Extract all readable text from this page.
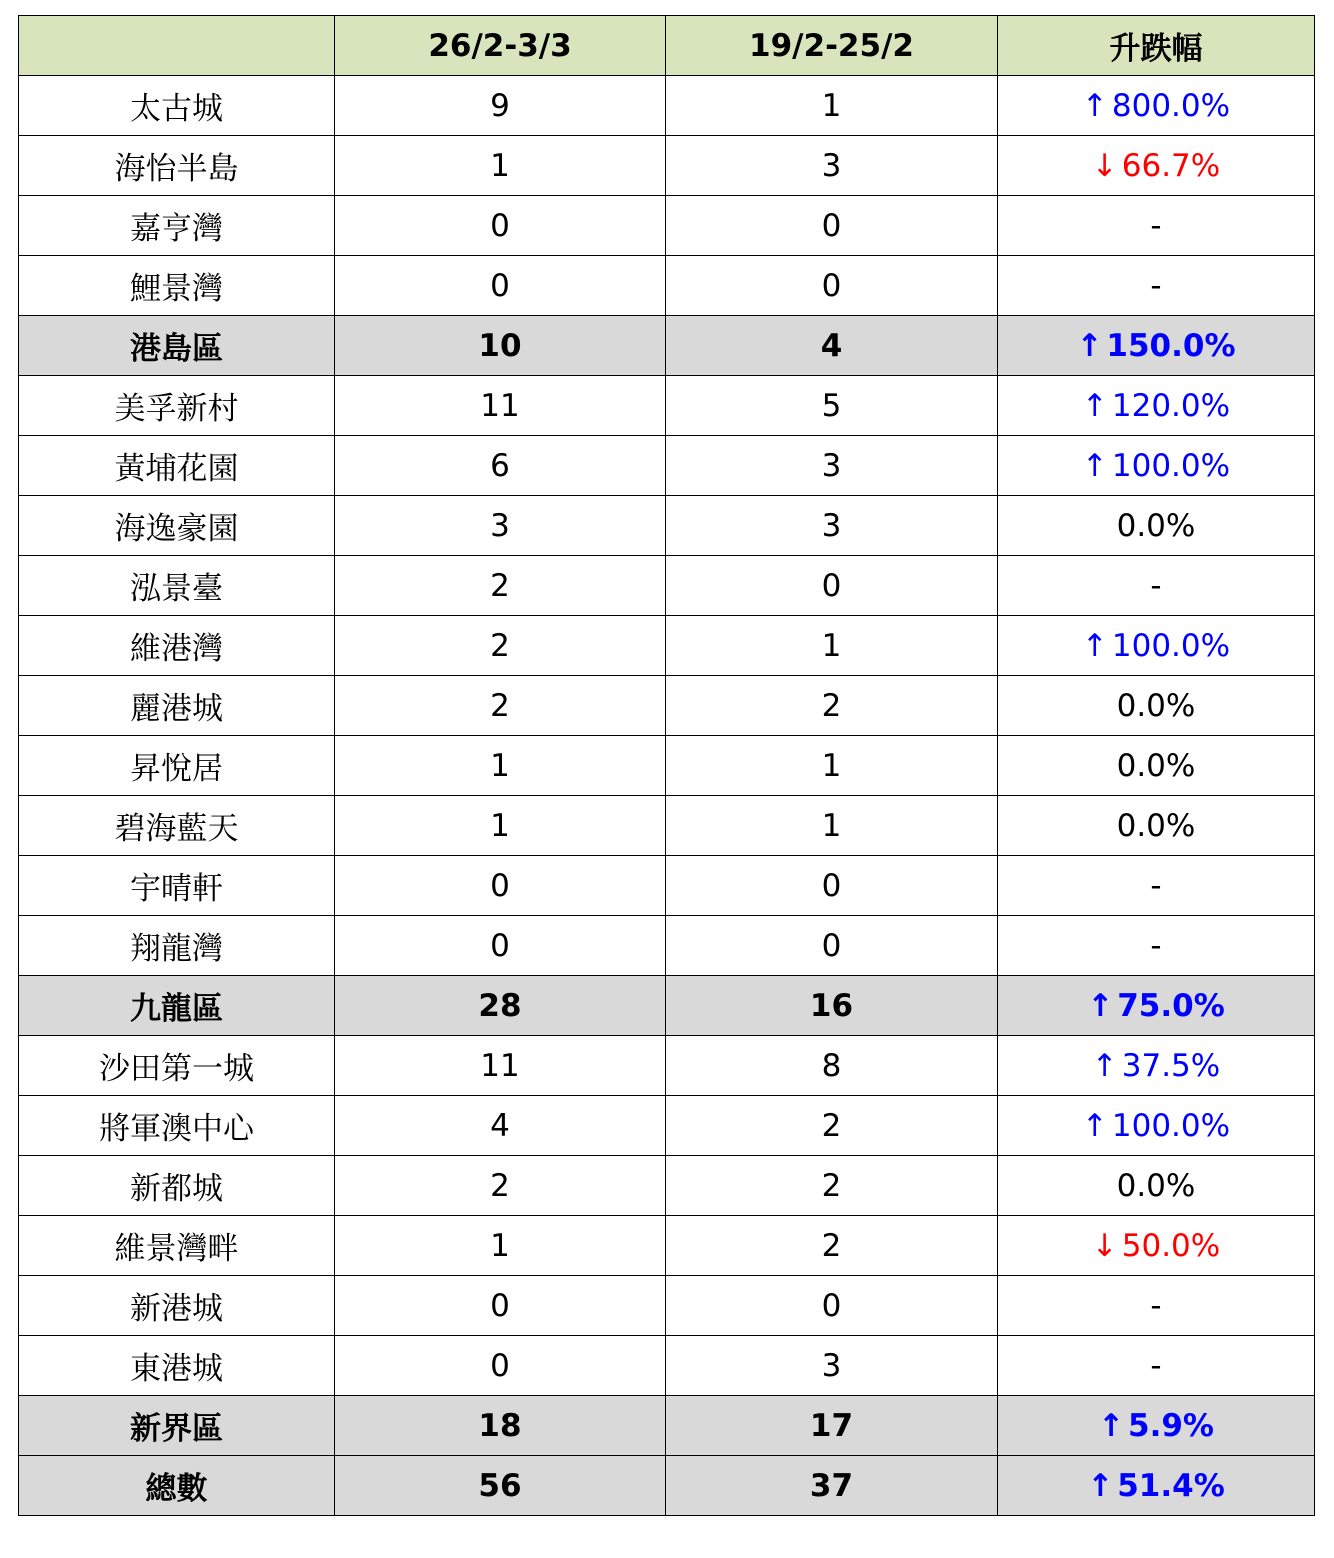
	26/2-3/3	19/2-25/2	升跌幅
太古城	9	1	↑ 800.0%
海怡半島	1	3	↓ 66.7%
嘉亨灣	0	0	-
鯉景灣	0	0	-
港島區	10	4	↑ 150.0%
美孚新村	11	5	↑ 120.0%
黃埔花園	6	3	↑ 100.0%
海逸豪園	3	3	0.0%
泓景臺	2	0	-
維港灣	2	1	↑ 100.0%
麗港城	2	2	0.0%
昇悅居	1	1	0.0%
碧海藍天	1	1	0.0%
宇晴軒	0	0	-
翔龍灣	0	0	-
九龍區	28	16	↑ 75.0%
沙田第一城	11	8	↑ 37.5%
將軍澳中心	4	2	↑ 100.0%
新都城	2	2	0.0%
維景灣畔	1	2	↓ 50.0%
新港城	0	0	-
東港城	0	3	-
新界區	18	17	↑ 5.9%
總數	56	37	↑ 51.4%
